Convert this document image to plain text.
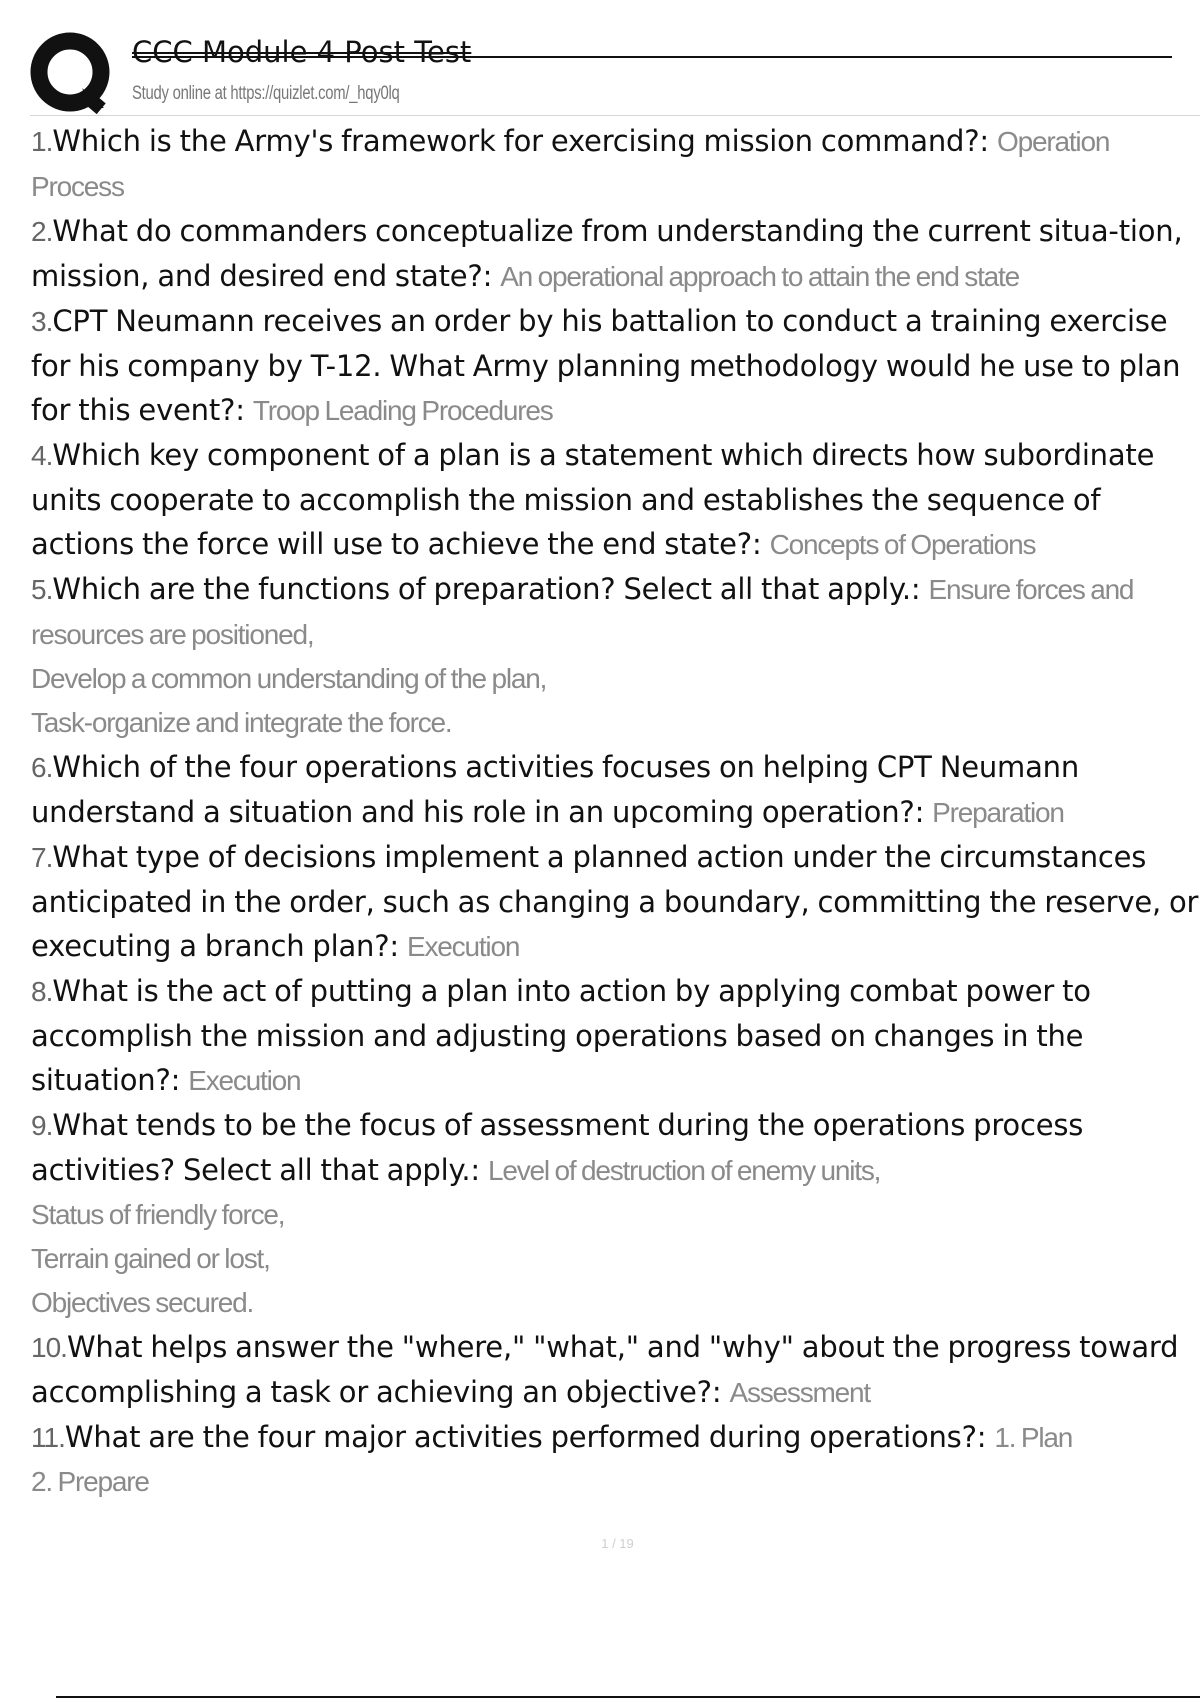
CCC Module 4 Post Test
Study online at https://quizlet.com/_hqy0lq

1.Which is the Army's framework for exercising mission command?: Operation Process

2.What do commanders conceptualize from understanding the current situa-tion, mission, and desired end state?: An operational approach to attain the end state

3.CPT Neumann receives an order by his battalion to conduct a training exercise for his company by T-12. What Army planning methodology would he use to plan for this event?: Troop Leading Procedures

4.Which key component of a plan is a statement which directs how subordinate units cooperate to accomplish the mission and establishes the sequence of actions the force will use to achieve the end state?: Concepts of Operations

5.Which are the functions of preparation? Select all that apply.: Ensure forces and resources are positioned,
Develop a common understanding of the plan,
Task-organize and integrate the force.

6.Which of the four operations activities focuses on helping CPT Neumann understand a situation and his role in an upcoming operation?: Preparation

7.What type of decisions implement a planned action under the circumstances anticipated in the order, such as changing a boundary, committing the reserve, or executing a branch plan?: Execution

8.What is the act of putting a plan into action by applying combat power to accomplish the mission and adjusting operations based on changes in the situation?: Execution

9.What tends to be the focus of assessment during the operations process activities? Select all that apply.: Level of destruction of enemy units,
Status of friendly force,
Terrain gained or lost,
Objectives secured.

10.What helps answer the "where," "what," and "why" about the progress toward accomplishing a task or achieving an objective?: Assessment

11.What are the four major activities performed during operations?: 1. Plan
2. Prepare

1 / 19
